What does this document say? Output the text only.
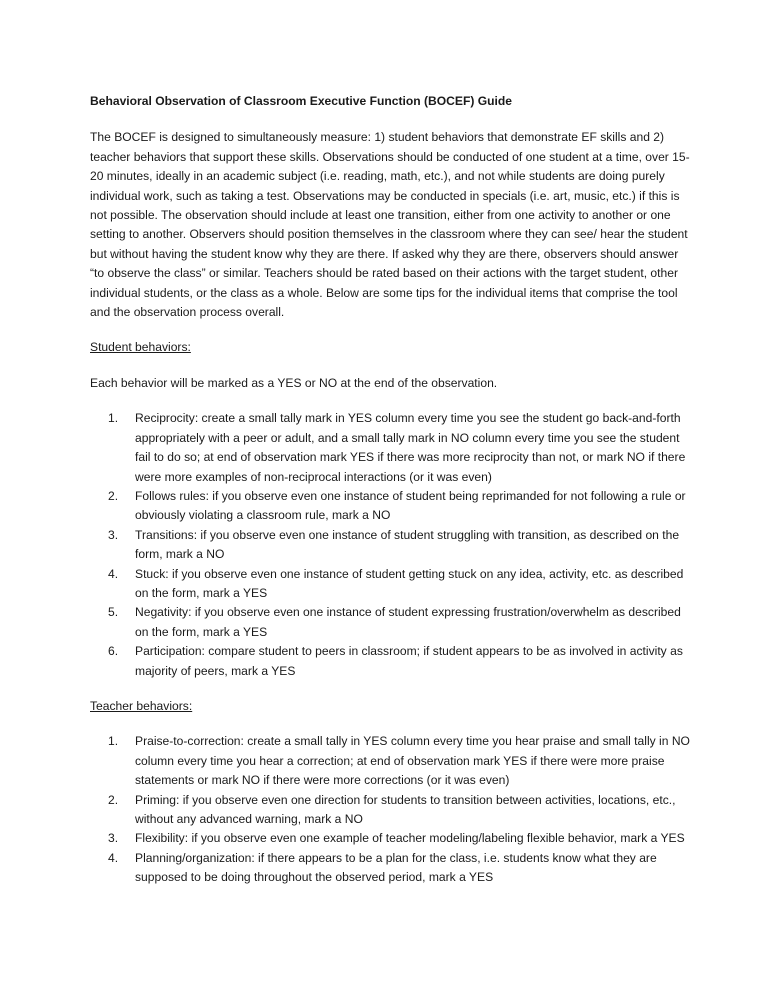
Behavioral Observation of Classroom Executive Function (BOCEF) Guide
The BOCEF is designed to simultaneously measure: 1) student behaviors that demonstrate EF skills and 2) teacher behaviors that support these skills. Observations should be conducted of one student at a time, over 15-20 minutes, ideally in an academic subject (i.e. reading, math, etc.), and not while students are doing purely individual work, such as taking a test. Observations may be conducted in specials (i.e. art, music, etc.) if this is not possible. The observation should include at least one transition, either from one activity to another or one setting to another. Observers should position themselves in the classroom where they can see/ hear the student but without having the student know why they are there. If asked why they are there, observers should answer “to observe the class” or similar. Teachers should be rated based on their actions with the target student, other individual students, or the class as a whole. Below are some tips for the individual items that comprise the tool and the observation process overall.
Student behaviors:
Each behavior will be marked as a YES or NO at the end of the observation.
1. Reciprocity: create a small tally mark in YES column every time you see the student go back-and-forth appropriately with a peer or adult, and a small tally mark in NO column every time you see the student fail to do so; at end of observation mark YES if there was more reciprocity than not, or mark NO if there were more examples of non-reciprocal interactions (or it was even)
2. Follows rules: if you observe even one instance of student being reprimanded for not following a rule or obviously violating a classroom rule, mark a NO
3. Transitions: if you observe even one instance of student struggling with transition, as described on the form, mark a NO
4. Stuck: if you observe even one instance of student getting stuck on any idea, activity, etc. as described on the form, mark a YES
5. Negativity: if you observe even one instance of student expressing frustration/overwhelm as described on the form, mark a YES
6. Participation: compare student to peers in classroom; if student appears to be as involved in activity as majority of peers, mark a YES
Teacher behaviors:
1. Praise-to-correction: create a small tally in YES column every time you hear praise and small tally in NO column every time you hear a correction; at end of observation mark YES if there were more praise statements or mark NO if there were more corrections (or it was even)
2. Priming: if you observe even one direction for students to transition between activities, locations, etc., without any advanced warning, mark a NO
3. Flexibility: if you observe even one example of teacher modeling/labeling flexible behavior, mark a YES
4. Planning/organization: if there appears to be a plan for the class, i.e. students know what they are supposed to be doing throughout the observed period, mark a YES
